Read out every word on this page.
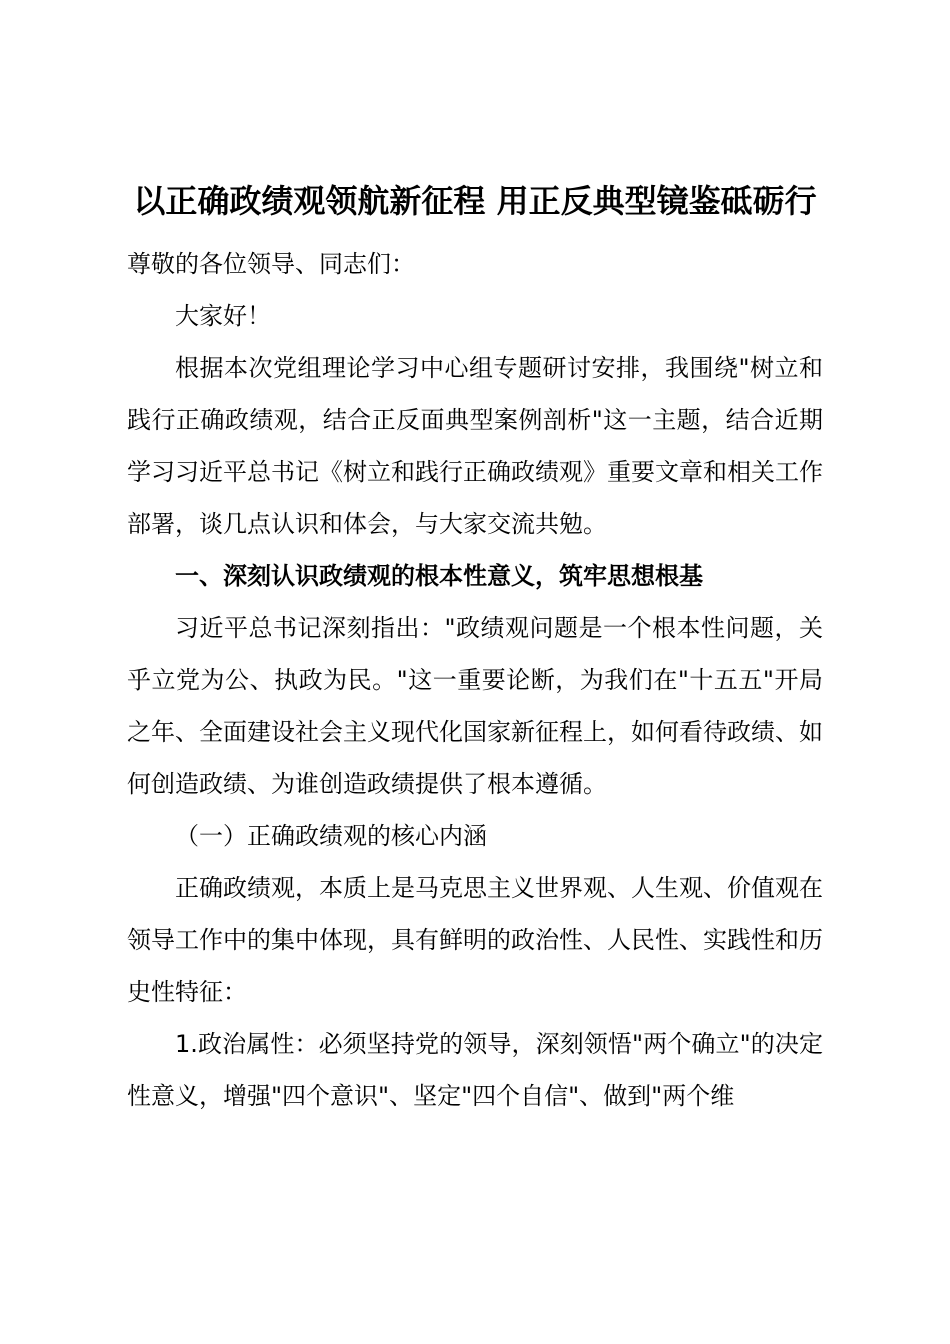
以正确政绩观领航新征程 用正反典型镜鉴砥砺行

尊敬的各位领导、同志们：

大家好！

根据本次党组理论学习中心组专题研讨安排，我围绕"树立和践行正确政绩观，结合正反面典型案例剖析"这一主题，结合近期学习习近平总书记《树立和践行正确政绩观》重要文章和相关工作部署，谈几点认识和体会，与大家交流共勉。

一、深刻认识政绩观的根本性意义，筑牢思想根基

习近平总书记深刻指出："政绩观问题是一个根本性问题，关乎立党为公、执政为民。"这一重要论断，为我们在"十五五"开局之年、全面建设社会主义现代化国家新征程上，如何看待政绩、如何创造政绩、为谁创造政绩提供了根本遵循。

（一）正确政绩观的核心内涵

正确政绩观，本质上是马克思主义世界观、人生观、价值观在领导工作中的集中体现，具有鲜明的政治性、人民性、实践性和历史性特征：

1.政治属性：必须坚持党的领导，深刻领悟"两个确立"的决定性意义，增强"四个意识"、坚定"四个自信"、做到"两个维
